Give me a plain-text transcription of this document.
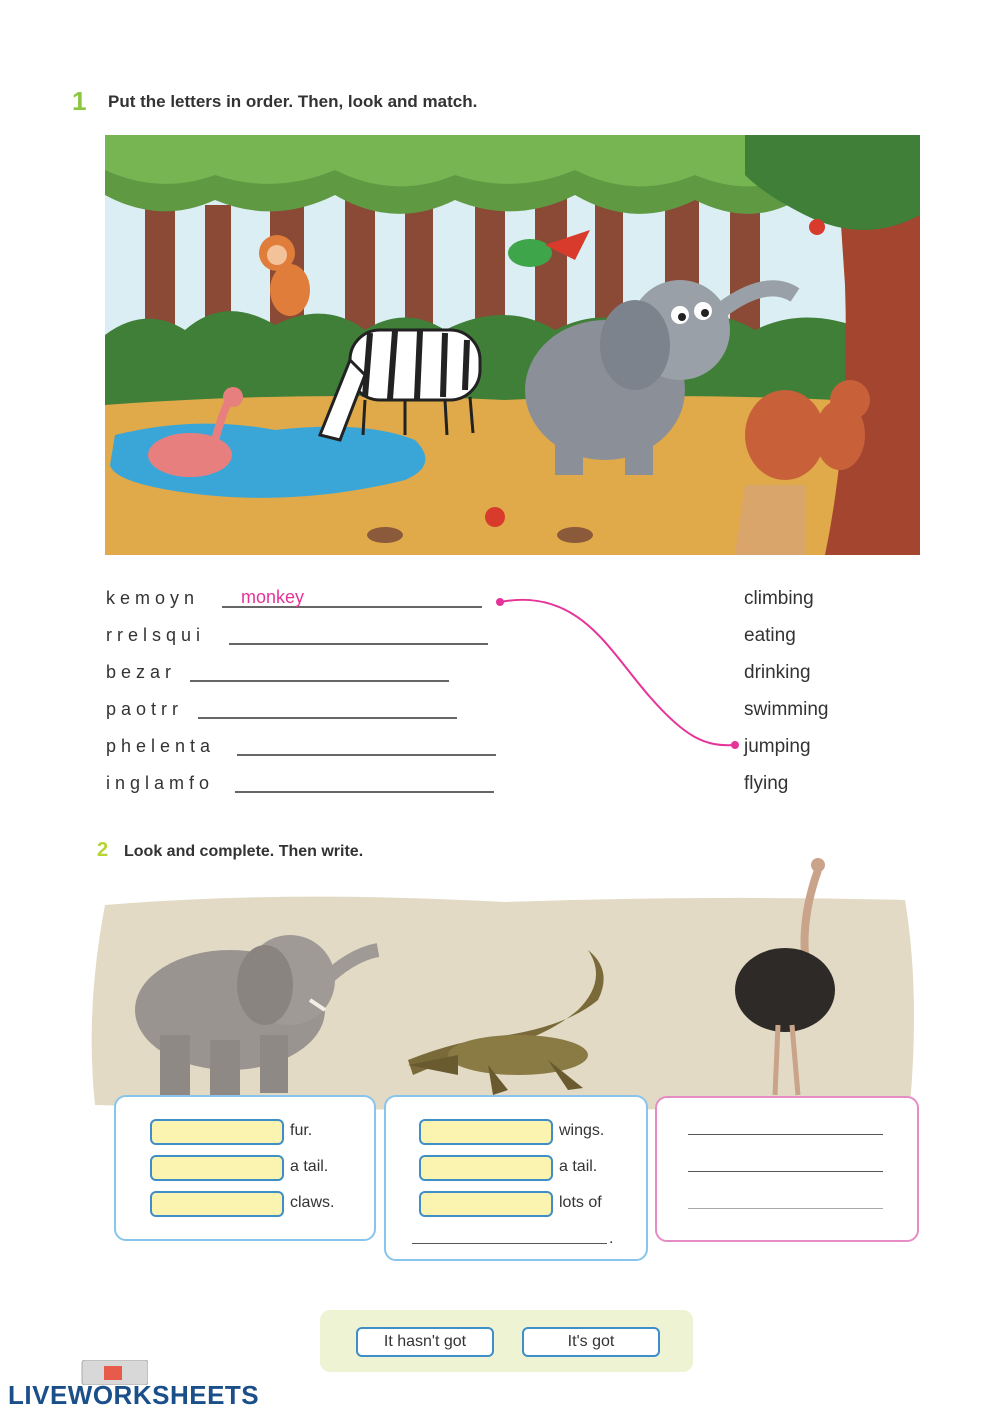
1 Put the letters in order. Then, look and match.
kemoyn monkey
rrelsqui
bezar
paotrr
phelenta
inglamfo
climbing
eating
drinking
swimming
jumping
flying
2 Look and complete. Then write.
fur.
a tail.
claws.
wings.
a tail.
lots of
.
It hasn't got	It's got
LIVEWORKSHEETS
